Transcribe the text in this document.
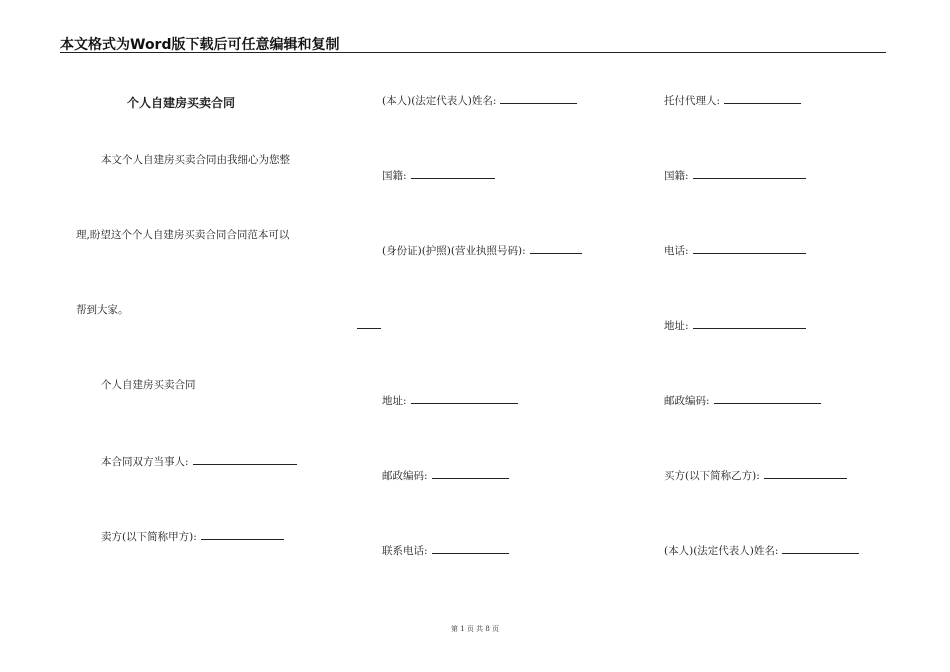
本文格式为Word版下载后可任意编辑和复制
个人自建房买卖合同
本文个人自建房买卖合同由我细心为您整
理,盼望这个个人自建房买卖合同合同范本可以
帮到大家。
个人自建房买卖合同
本合同双方当事人:
卖方(以下简称甲方):
(本人)(法定代表人)姓名:
国籍:
(身份证)(护照)(营业执照号码):
地址:
邮政编码:
联系电话:
托付代理人:
国籍:
电话:
地址:
邮政编码:
买方(以下简称乙方):
(本人)(法定代表人)姓名:
第 1 页 共 8 页
